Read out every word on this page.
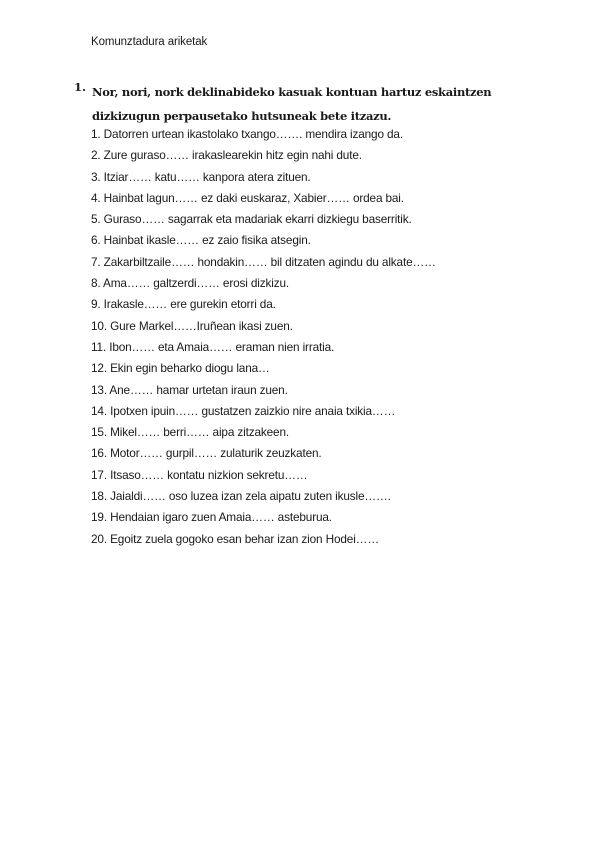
Komunztadura ariketak
1. Nor, nori, nork deklinabideko kasuak kontuan hartuz eskaintzen dizkizugun perpausetako hutsuneak bete itzazu.
1. Datorren urtean ikastolako txango……. mendira izango da.
2. Zure guraso…… irakaslearekin hitz egin nahi dute.
3. Itziar…… katu…… kanpora atera zituen.
4. Hainbat lagun…… ez daki euskaraz, Xabier…… ordea bai.
5. Guraso…… sagarrak eta madariak ekarri dizkiegu baserritik.
6. Hainbat ikasle…… ez zaio fisika atsegin.
7. Zakarbiltzaile…… hondakin…… bil ditzaten agindu du alkate……
8. Ama…… galtzerdi…… erosi dizkizu.
9. Irakasle…… ere gurekin etorri da.
10. Gure Markel……Iruñean ikasi zuen.
11. Ibon…… eta Amaia…… eraman nien irratia.
12. Ekin egin beharko diogu lana…
13. Ane…… hamar urtetan iraun zuen.
14. Ipotxen ipuin…… gustatzen zaizkio nire anaia txikia……
15. Mikel…… berri…… aipa zitzakeen.
16. Motor…… gurpil…… zulaturik zeuzkaten.
17. Itsaso…… kontatu nizkion sekretu……
18. Jaialdi…… oso luzea izan zela aipatu zuten ikusle…….
19. Hendaian igaro zuen Amaia…… asteburua.
20. Egoitz zuela gogoko esan behar izan zion Hodei……
